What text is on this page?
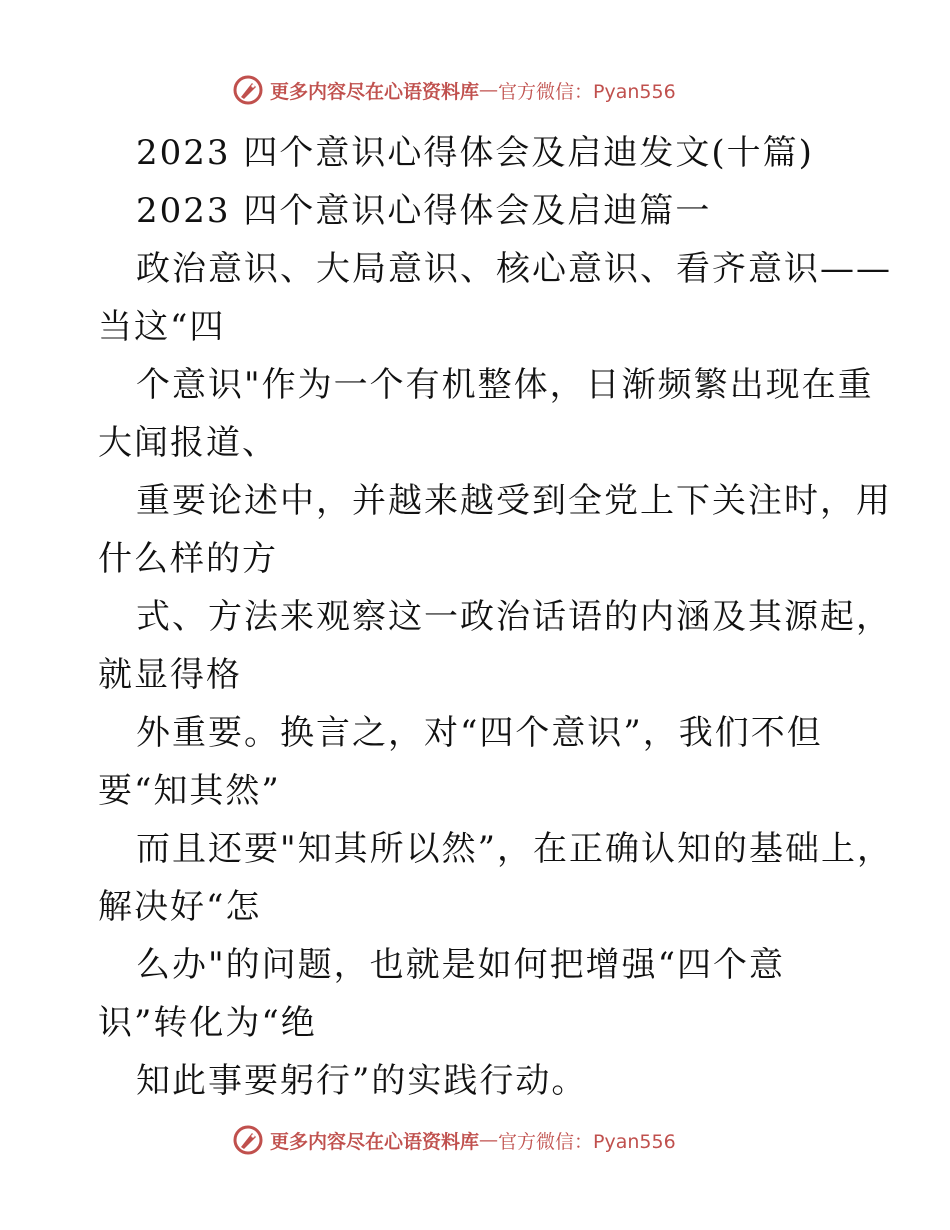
更多内容尽在心语资料库 — 官方微信：Pyan556
2023 四个意识心得体会及启迪发文(十篇)
2023 四个意识心得体会及启迪篇一
政治意识、大局意识、核心意识、看齐意识——
当这“四
个意识"作为一个有机整体，日渐频繁出现在重
大闻报道、
重要论述中，并越来越受到全党上下关注时，用
什么样的方
式、方法来观察这一政治话语的内涵及其源起，
就显得格
外重要。换言之，对“四个意识”，我们不但
要“知其然”
而且还要"知其所以然”，在正确认知的基础上，
解决好“怎
么办"的问题，也就是如何把增强“四个意
识”转化为“绝
知此事要躬行”的实践行动。
更多内容尽在心语资料库 — 官方微信：Pyan556
